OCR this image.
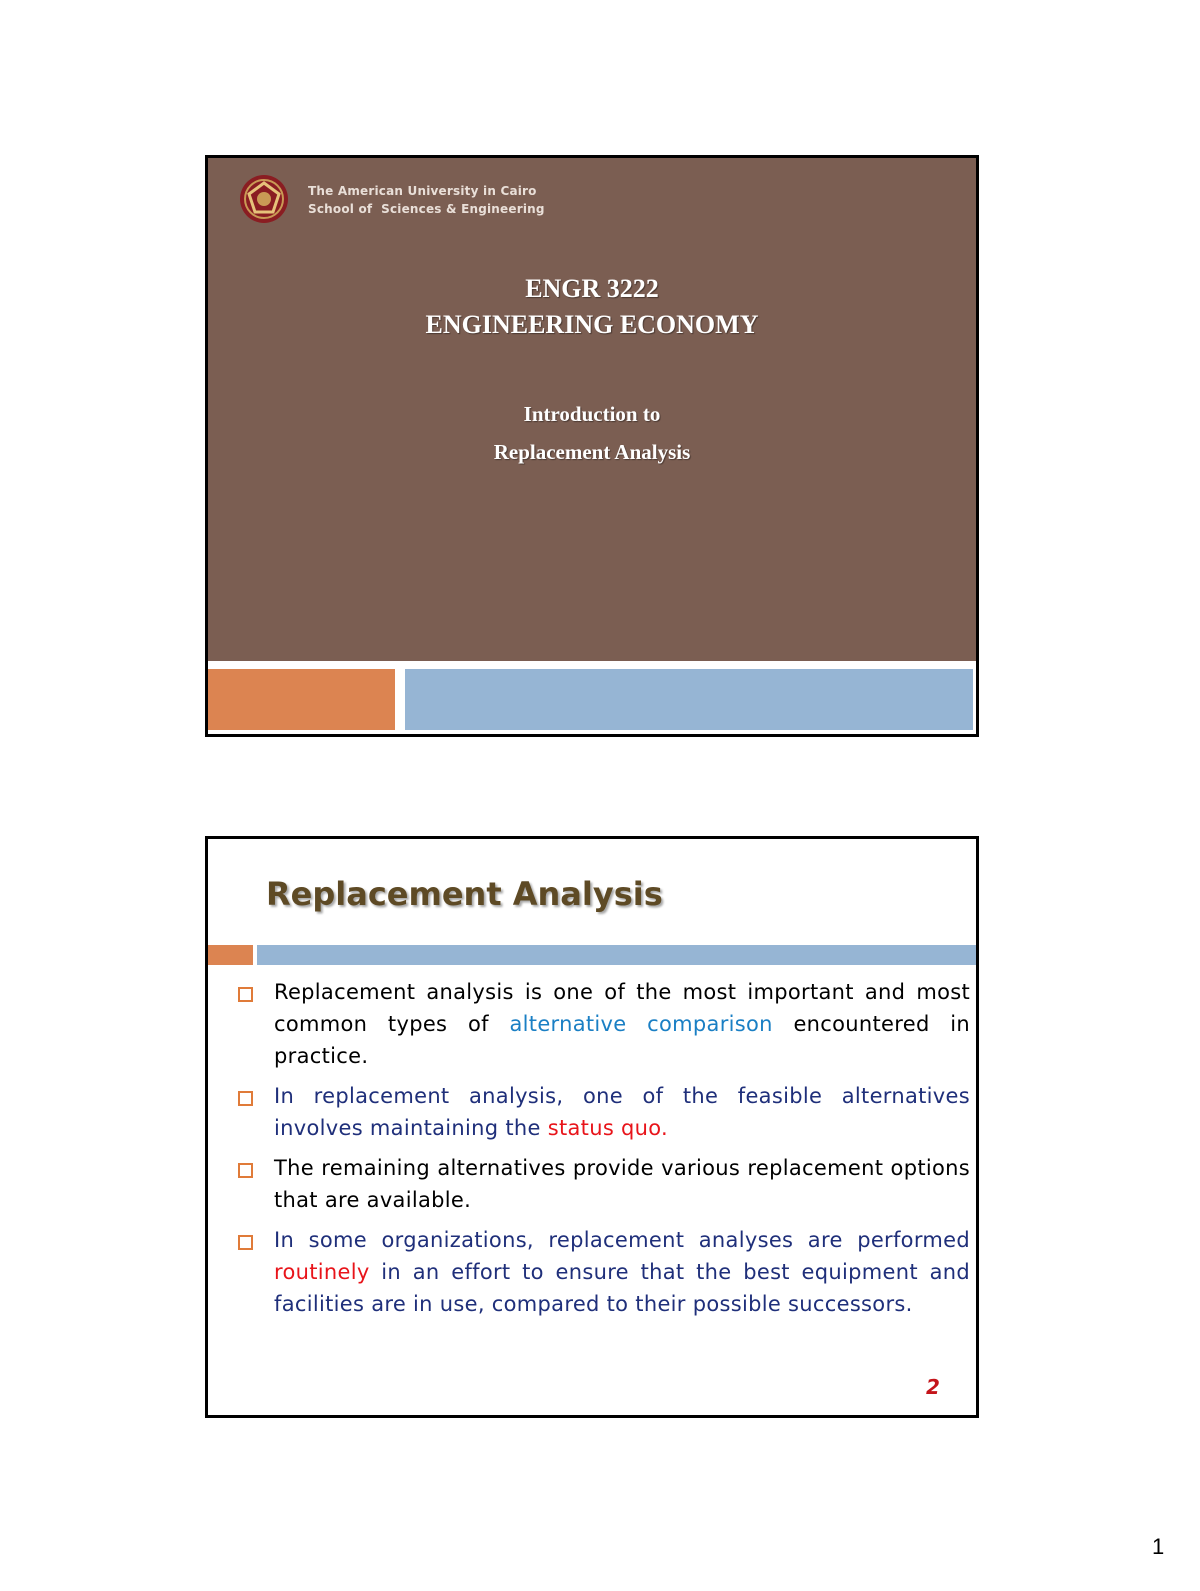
The American University in Cairo
School of  Sciences & Engineering
ENGR 3222
ENGINEERING ECONOMY
Introduction to
Replacement Analysis
Replacement Analysis
Replacement analysis is one of the most important and most common types of alternative comparison encountered in practice.
In replacement analysis, one of the feasible alternatives involves maintaining the status quo.
The remaining alternatives provide various replacement options that are available.
In some organizations, replacement analyses are performed routinely in an effort to ensure that the best equipment and facilities are in use, compared to their possible successors.
2
1
